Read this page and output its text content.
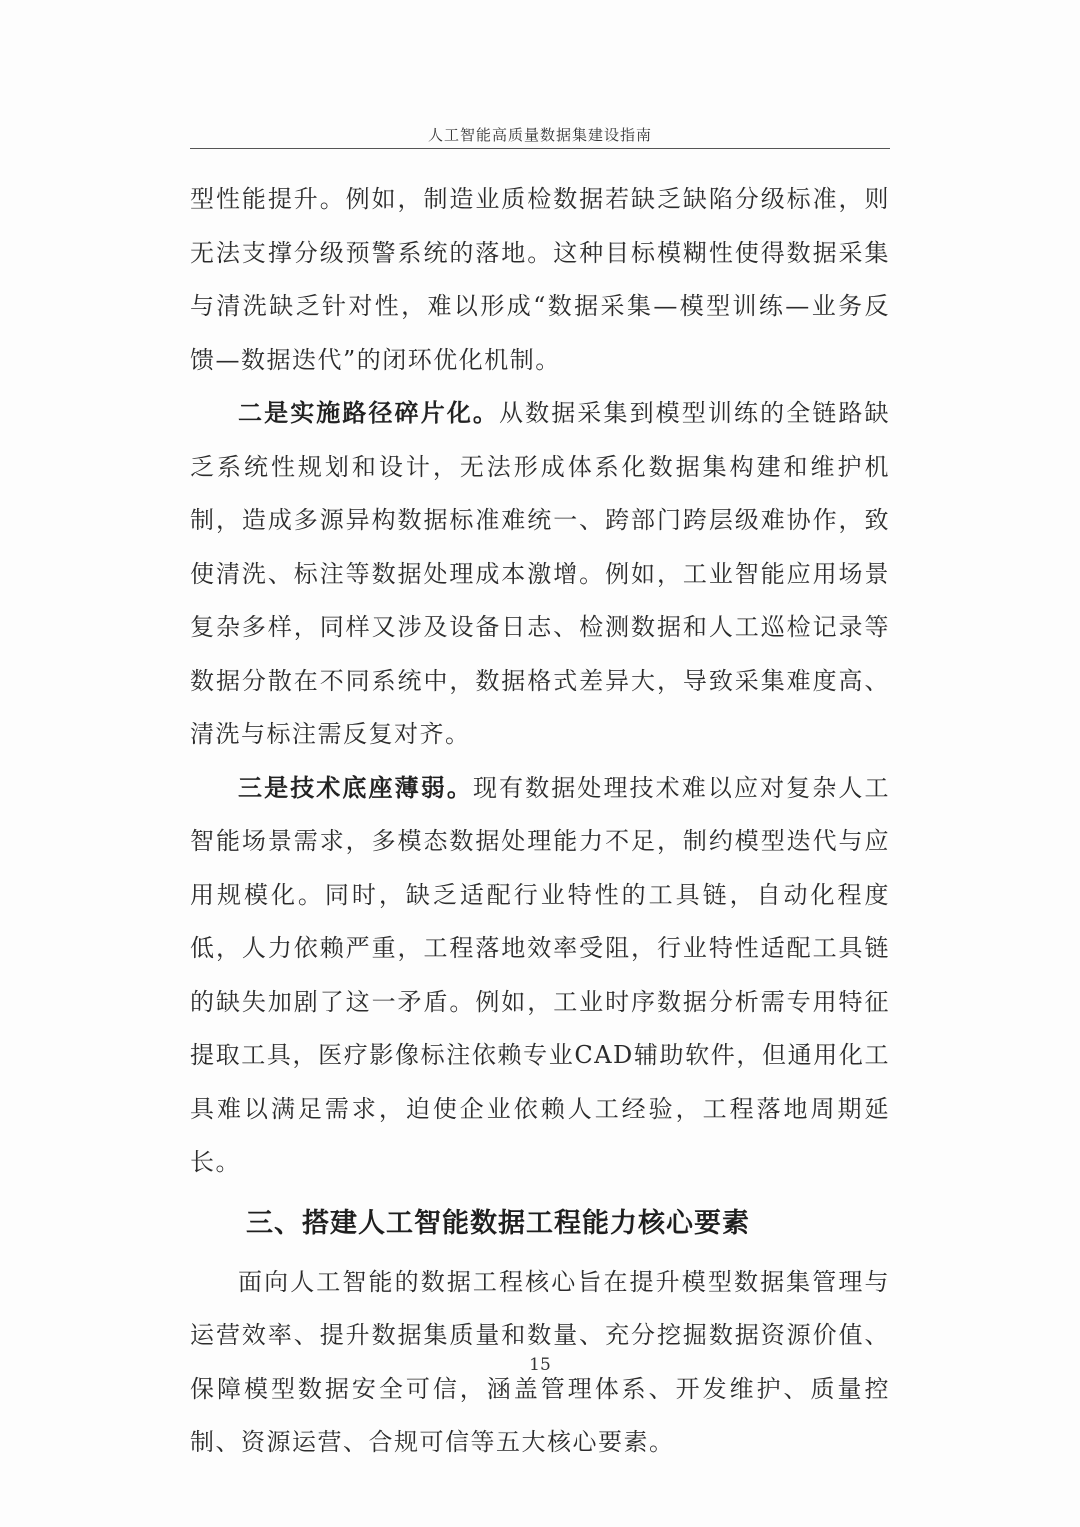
人工智能高质量数据集建设指南

型性能提升。例如，制造业质检数据若缺乏缺陷分级标准，则无法支撑分级预警系统的落地。这种目标模糊性使得数据采集与清洗缺乏针对性，难以形成“数据采集—模型训练—业务反馈—数据迭代”的闭环优化机制。

二是实施路径碎片化。从数据采集到模型训练的全链路缺乏系统性规划和设计，无法形成体系化数据集构建和维护机制，造成多源异构数据标准难统一、跨部门跨层级难协作，致使清洗、标注等数据处理成本激增。例如，工业智能应用场景复杂多样，同样又涉及设备日志、检测数据和人工巡检记录等数据分散在不同系统中，数据格式差异大，导致采集难度高、清洗与标注需反复对齐。

三是技术底座薄弱。现有数据处理技术难以应对复杂人工智能场景需求，多模态数据处理能力不足，制约模型迭代与应用规模化。同时，缺乏适配行业特性的工具链，自动化程度低，人力依赖严重，工程落地效率受阻，行业特性适配工具链的缺失加剧了这一矛盾。例如，工业时序数据分析需专用特征提取工具，医疗影像标注依赖专业CAD辅助软件，但通用化工具难以满足需求，迫使企业依赖人工经验，工程落地周期延长。

三、搭建人工智能数据工程能力核心要素

面向人工智能的数据工程核心旨在提升模型数据集管理与运营效率、提升数据集质量和数量、充分挖掘数据资源价值、保障模型数据安全可信，涵盖管理体系、开发维护、质量控制、资源运营、合规可信等五大核心要素。

15
